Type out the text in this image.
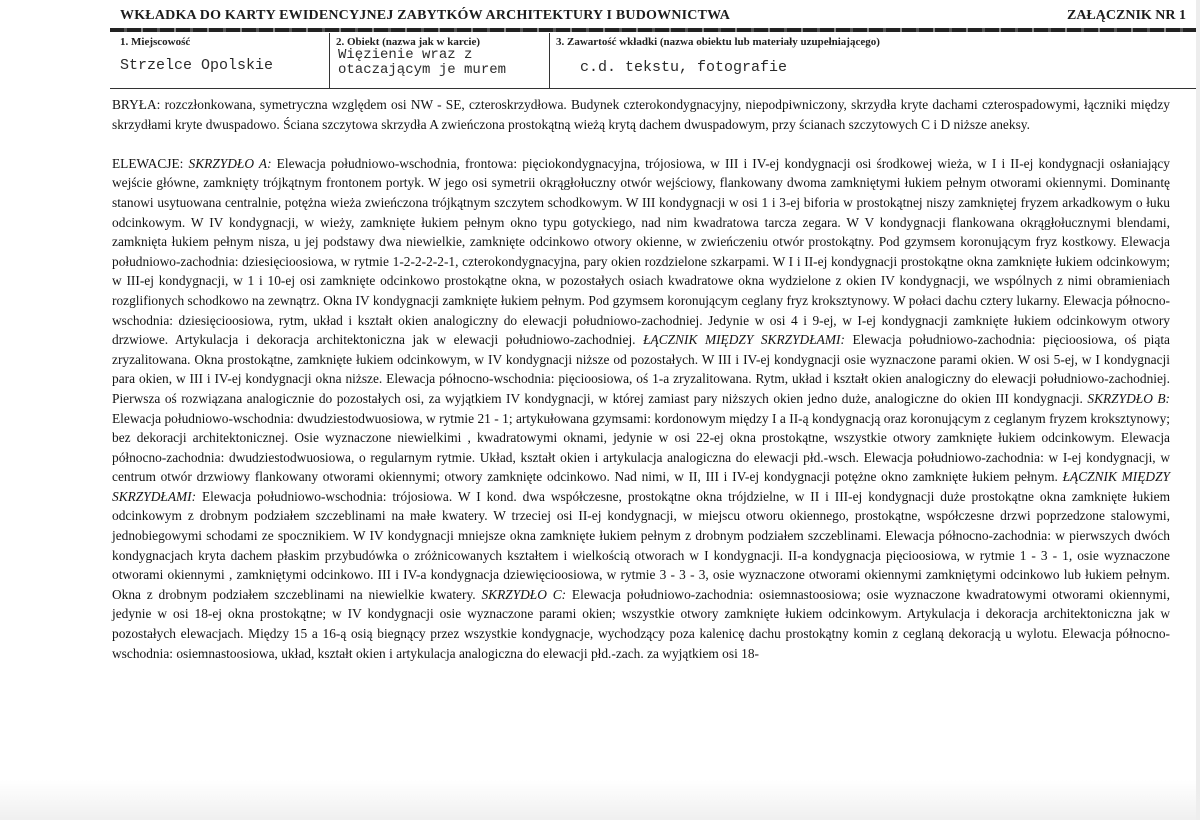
WKŁADKA DO KARTY EWIDENCYJNEJ ZABYTKÓW ARCHITEKTURY I BUDOWNICTWA	ZAŁĄCZNIK NR 1
1. Miejscowość
Strzelce Opolskie
2. Obiekt (nazwa jak w karcie)
Więzienie wraz z otaczającym je murem
3. Zawartość wkładki (nazwa obiektu lub materiały uzupełniającego)
c.d. tekstu, fotografie

BRYŁA: rozczłonkowana, symetryczna względem osi NW - SE, czteroskrzydłowa. Budynek czterokondygnacyjny, niepodpiwniczony, skrzydła kryte dachami czterospadowymi, łączniki między skrzydłami kryte dwuspadowo. Ściana szczytowa skrzydła A zwieńczona prostokątną wieżą krytą dachem dwuspadowym, przy ścianach szczytowych C i D niższe aneksy.

ELEWACJE: SKRZYDŁO A: Elewacja południowo-wschodnia, frontowa: pięciokondygnacyjna, trójosiowa, w III i IV-ej kondygnacji osi środkowej wieża, w I i II-ej kondygnacji osłaniający wejście główne, zamknięty trójkątnym frontonem portyk. W jego osi symetrii okrągłołuczny otwór wejściowy, flankowany dwoma zamkniętymi łukiem pełnym otworami okiennymi. Dominantę stanowi usytuowana centralnie, potężna wieża zwieńczona trójkątnym szczytem schodkowym. W III kondygnacji w osi 1 i 3-ej biforia w prostokątnej niszy zamkniętej fryzem arkadkowym o łuku odcinkowym. W IV kondygnacji, w wieży, zamknięte łukiem pełnym okno typu gotyckiego, nad nim kwadratowa tarcza zegara. W V kondygnacji flankowana okrągłołucznymi blendami, zamknięta łukiem pełnym nisza, u jej podstawy dwa niewielkie, zamknięte odcinkowo otwory okienne, w zwieńczeniu otwór prostokątny. Pod gzymsem koronującym fryz kostkowy. Elewacja południowo-zachodnia: dziesięcioosiowa, w rytmie 1-2-2-2-2-1, czterokondygnacyjna, pary okien rozdzielone szkarpami. W I i II-ej kondygnacji prostokątne okna zamknięte łukiem odcinkowym; w III-ej kondygnacji, w 1 i 10-ej osi zamknięte odcinkowo prostokątne okna, w pozostałych osiach kwadratowe okna wydzielone z okien IV kondygnacji, we wspólnych z nimi obramieniach rozglifionych schodkowo na zewnątrz. Okna IV kondygnacji zamknięte łukiem pełnym. Pod gzymsem koronującym ceglany fryz kroksztynowy. W połaci dachu cztery lukarny. Elewacja północno-wschodnia: dziesięcioosiowa, rytm, układ i kształt okien analogiczny do elewacji południowo-zachodniej. Jedynie w osi 4 i 9-ej, w I-ej kondygnacji zamknięte łukiem odcinkowym otwory drzwiowe. Artykulacja i dekoracja architektoniczna jak w elewacji południowo-zachodniej. ŁĄCZNIK MIĘDZY SKRZYDŁAMI: Elewacja południowo-zachodnia: pięcioosiowa, oś piąta zryzalitowana. Okna prostokątne, zamknięte łukiem odcinkowym, w IV kondygnacji niższe od pozostałych. W III i IV-ej kondygnacji osie wyznaczone parami okien. W osi 5-ej, w I kondygnacji para okien, w III i IV-ej kondygnacji okna niższe. Elewacja północno-wschodnia: pięcioosiowa, oś 1-a zryzalitowana. Rytm, układ i kształt okien analogiczny do elewacji południowo-zachodniej. Pierwsza oś rozwiązana analogicznie do pozostałych osi, za wyjątkiem IV kondygnacji, w której zamiast pary niższych okien jedno duże, analogiczne do okien III kondygnacji. SKRZYDŁO B: Elewacja południowo-wschodnia: dwudziestodwuosiowa, w rytmie 21 - 1; artykułowana gzymsami: kordonowym między I a II-ą kondygnacją oraz koronującym z ceglanym fryzem kroksztynowy; bez dekoracji architektonicznej. Osie wyznaczone niewielkimi , kwadratowymi oknami, jedynie w osi 22-ej okna prostokątne, wszystkie otwory zamknięte łukiem odcinkowym. Elewacja północno-zachodnia: dwudziestodwuosiowa, o regularnym rytmie. Układ, kształt okien i artykulacja analogiczna do elewacji płd.-wsch. Elewacja południowo-zachodnia: w I-ej kondygnacji, w centrum otwór drzwiowy flankowany otworami okiennymi; otwory zamknięte odcinkowo. Nad nimi, w II, III i IV-ej kondygnacji potężne okno zamknięte łukiem pełnym. ŁĄCZNIK MIĘDZY SKRZYDŁAMI: Elewacja południowo-wschodnia: trójosiowa. W I kond. dwa współczesne, prostokątne okna trójdzielne, w II i III-ej kondygnacji duże prostokątne okna zamknięte łukiem odcinkowym z drobnym podziałem szczeblinami na małe kwatery. W trzeciej osi II-ej kondygnacji, w miejscu otworu okiennego, prostokątne, współczesne drzwi poprzedzone stalowymi, jednobiegowymi schodami ze spocznikiem. W IV kondygnacji mniejsze okna zamknięte łukiem pełnym z drobnym podziałem szczeblinami. Elewacja północno-zachodnia: w pierwszych dwóch kondygnacjach kryta dachem płaskim przybudówka o zróżnicowanych kształtem i wielkością otworach w I kondygnacji. II-a kondygnacja pięcioosiowa, w rytmie 1 - 3 - 1, osie wyznaczone otworami okiennymi , zamkniętymi odcinkowo. III i IV-a kondygnacja dziewięcioosiowa, w rytmie 3 - 3 - 3, osie wyznaczone otworami okiennymi zamkniętymi odcinkowo lub łukiem pełnym. Okna z drobnym podziałem szczeblinami na niewielkie kwatery. SKRZYDŁO C: Elewacja południowo-zachodnia: osiemnastoosiowa; osie wyznaczone kwadratowymi otworami okiennymi, jedynie w osi 18-ej okna prostokątne; w IV kondygnacji osie wyznaczone parami okien; wszystkie otwory zamknięte łukiem odcinkowym. Artykulacja i dekoracja architektoniczna jak w pozostałych elewacjach. Między 15 a 16-ą osią biegnący przez wszystkie kondygnacje, wychodzący poza kalenicę dachu prostokątny komin z ceglaną dekoracją u wylotu. Elewacja północno-wschodnia: osiemnastoosiowa, układ, kształt okien i artykulacja analogiczna do elewacji płd.-zach. za wyjątkiem osi 18-
